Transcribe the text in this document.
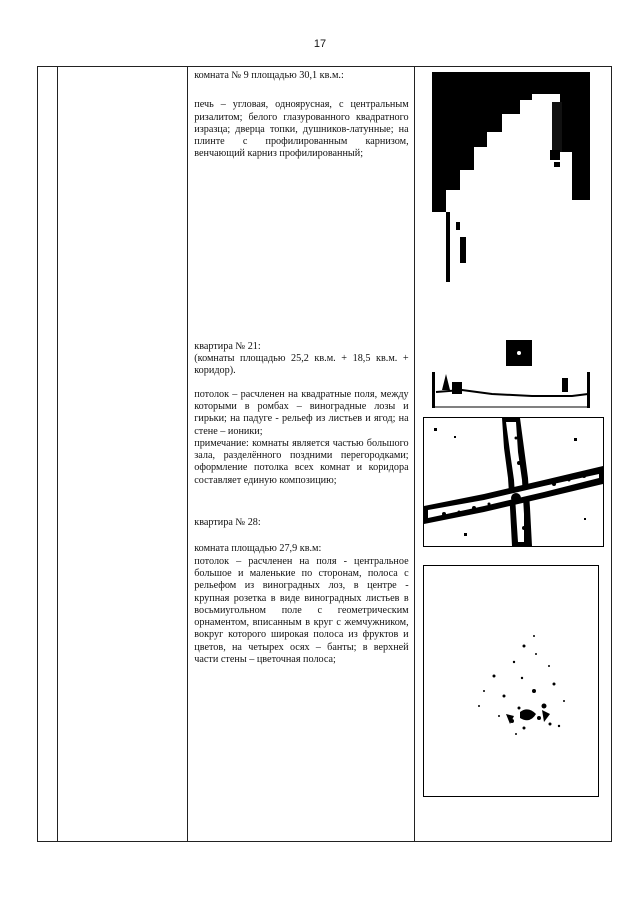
17

комната № 9 площадью 30,1 кв.м.:

печь – угловая, одноярусная, с центральным ризалитом; белого глазурованного квадратного изразца; дверца топки, душников-латунные; на плинте с профилированным карнизом, венчающий карниз профилированный;

квартира № 21:

(комнаты площадью 25,2 кв.м. + 18,5 кв.м. + коридор).

потолок – расчленен на квадратные поля, между которыми в ромбах – виноградные лозы и гирьки; на падуге - рельеф из листьев и ягод; на стене – ионики;

примечание: комнаты является частью большого зала, разделённого поздними перегородками; оформление потолка всех комнат и коридора составляет единую композицию;

квартира № 28:

комната площадью 27,9 кв.м:

потолок – расчленен на поля - центральное большое и маленькие по сторонам, полоса с рельефом из виноградных лоз, в центре - крупная розетка в виде виноградных листьев в восьмиугольном поле с геометрическим орнаментом, вписанным в круг с жемчужником, вокруг которого широкая полоса из фруктов и цветов, на четырех осях – банты; в верхней части стены – цветочная полоса;
